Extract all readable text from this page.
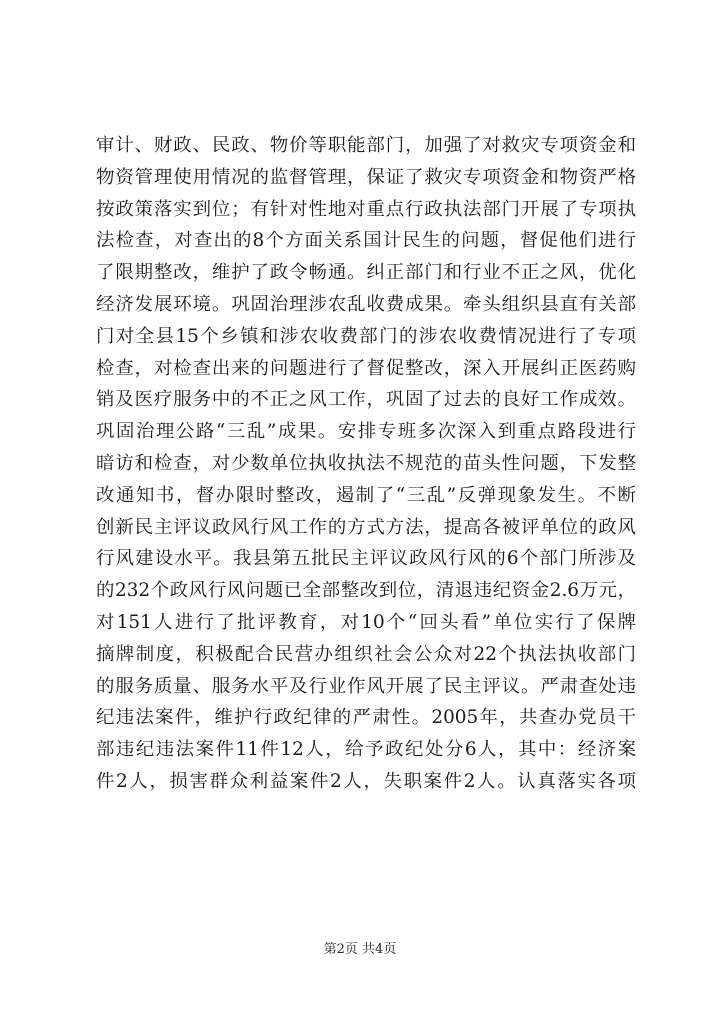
审计、财政、民政、物价等职能部门，加强了对救灾专项资金和
物资管理使用情况的监督管理，保证了救灾专项资金和物资严格
按政策落实到位；有针对性地对重点行政执法部门开展了专项执
法检查，对查出的8个方面关系国计民生的问题，督促他们进行
了限期整改，维护了政令畅通。纠正部门和行业不正之风，优化
经济发展环境。巩固治理涉农乱收费成果。牵头组织县直有关部
门对全县15个乡镇和涉农收费部门的涉农收费情况进行了专项
检查，对检查出来的问题进行了督促整改，深入开展纠正医药购
销及医疗服务中的不正之风工作，巩固了过去的良好工作成效。
巩固治理公路“三乱”成果。安排专班多次深入到重点路段进行
暗访和检查，对少数单位执收执法不规范的苗头性问题，下发整
改通知书，督办限时整改，遏制了“三乱”反弹现象发生。不断
创新民主评议政风行风工作的方式方法，提高各被评单位的政风
行风建设水平。我县第五批民主评议政风行风的6个部门所涉及
的232个政风行风问题已全部整改到位，清退违纪资金2.6万元，
对151人进行了批评教育，对10个“回头看”单位实行了保牌
摘牌制度，积极配合民营办组织社会公众对22个执法执收部门
的服务质量、服务水平及行业作风开展了民主评议。严肃查处违
纪违法案件，维护行政纪律的严肃性。2005年，共查办党员干
部违纪违法案件11件12人，给予政纪处分6人，其中：经济案
件2人，损害群众利益案件2人，失职案件2人。认真落实各项
第2页 共4页
